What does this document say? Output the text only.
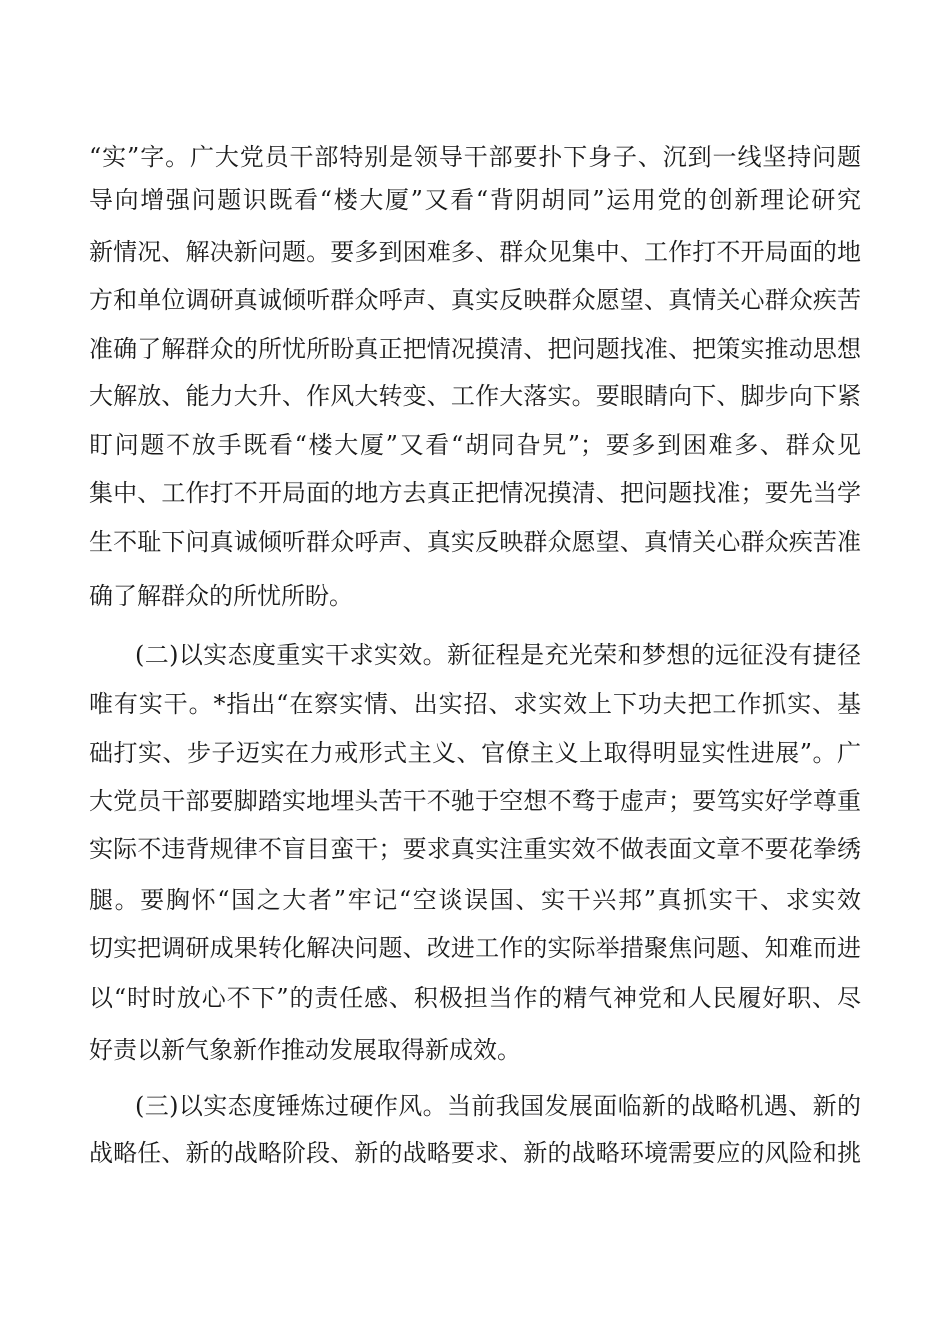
“实”字。广大党员干部特别是领导干部要扑下身子、沉到一线坚持问题
导向增强问题识既看“楼大厦”又看“背阴胡同”运用党的创新理论研究
新情况、解决新问题。要多到困难多、群众见集中、工作打不开局面的地
方和单位调研真诚倾听群众呼声、真实反映群众愿望、真情关心群众疾苦
准确了解群众的所忧所盼真正把情况摸清、把问题找准、把策实推动思想
大解放、能力大升、作风大转变、工作大落实。要眼睛向下、脚步向下紧
盯问题不放手既看“楼大厦”又看“胡同旮旯”；要多到困难多、群众见
集中、工作打不开局面的地方去真正把情况摸清、把问题找准；要先当学
生不耻下问真诚倾听群众呼声、真实反映群众愿望、真情关心群众疾苦准
确了解群众的所忧所盼。
(二)以实态度重实干求实效。新征程是充光荣和梦想的远征没有捷径
唯有实干。*指出“在察实情、出实招、求实效上下功夫把工作抓实、基
础打实、步子迈实在力戒形式主义、官僚主义上取得明显实性进展”。广
大党员干部要脚踏实地埋头苦干不驰于空想不骛于虚声；要笃实好学尊重
实际不违背规律不盲目蛮干；要求真实注重实效不做表面文章不要花拳绣
腿。要胸怀“国之大者”牢记“空谈误国、实干兴邦”真抓实干、求实效
切实把调研成果转化解决问题、改进工作的实际举措聚焦问题、知难而进
以“时时放心不下”的责任感、积极担当作的精气神党和人民履好职、尽
好责以新气象新作推动发展取得新成效。
(三)以实态度锤炼过硬作风。当前我国发展面临新的战略机遇、新的
战略任、新的战略阶段、新的战略要求、新的战略环境需要应的风险和挑
